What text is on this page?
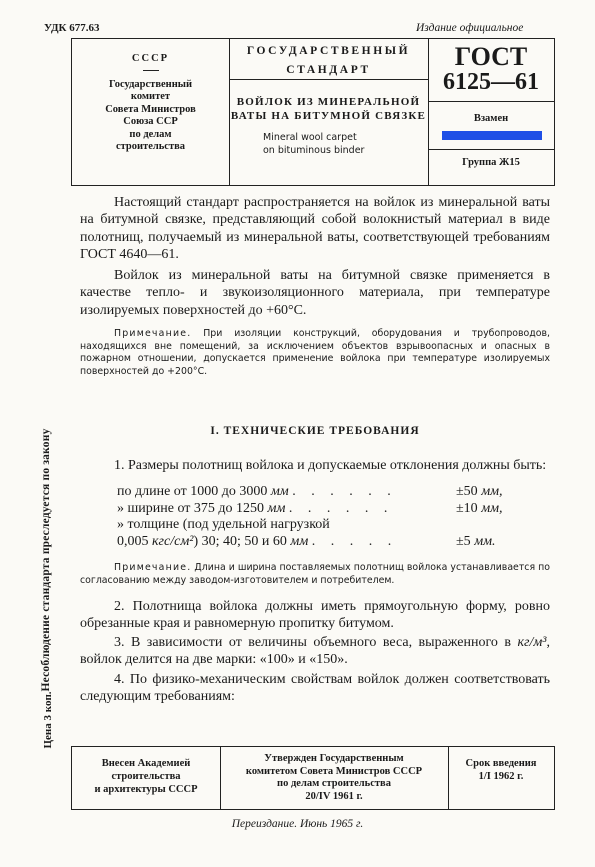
УДК 677.63	Издание официальное
Несоблюдение стандарта преследуется по закону
Цена 3 коп.
СССР
Государственный
комитет
Совета Министров
Союза ССР
по делам
строительства
ГОСУДАРСТВЕННЫЙ
СТАНДАРТ
ВОЙЛОК ИЗ МИНЕРАЛЬНОЙ
ВАТЫ НА БИТУМНОЙ СВЯЗКЕ
Mineral wool carpet
on bituminous binder
ГОСТ
6125—61
Взамен
Группа Ж15

Настоящий стандарт распространяется на войлок из минеральной ваты на битумной связке, представляющий собой волокнистый материал в виде полотнищ, получаемый из минеральной ваты, соответствующей требованиям ГОСТ 4640—61.

Войлок из минеральной ваты на битумной связке применяется в качестве тепло- и звукоизоляционного материала, при температуре изолируемых поверхностей до +60°С.

Примечание. При изоляции конструкций, оборудования и трубопроводов, находящихся вне помещений, за исключением объектов взрывоопасных и опасных в пожарном отношении, допускается применение войлока при температуре изолируемых поверхностей до +200°С.

I. ТЕХНИЧЕСКИЕ ТРЕБОВАНИЯ

1. Размеры полотнищ войлока и допускаемые отклонения должны быть:

по длине от 1000 до 3000 мм . . . . . .	±50 мм,

» ширине от 375 до 1250 мм . . . . . .	±10 мм,

» толщине (под удельной нагрузкой

0,005 кгс/см²) 30; 40; 50 и 60 мм . . . . .	±5 мм.

Примечание. Длина и ширина поставляемых полотнищ войлока устанавливается по согласованию между заводом-изготовителем и потребителем.

2. Полотнища войлока должны иметь прямоугольную форму, ровно обрезанные края и равномерную пропитку битумом.

3. В зависимости от величины объемного веса, выраженного в кг/м³, войлок делится на две марки: «100» и «150».

4. По физико-механическим свойствам войлок должен соответствовать следующим требованиям:

Внесен Академией
строительства
и архитектуры СССР
Утвержден Государственным
комитетом Совета Министров СССР
по делам строительства
20/IV 1961 г.
Срок введения
1/I 1962 г.
Переиздание. Июнь 1965 г.
